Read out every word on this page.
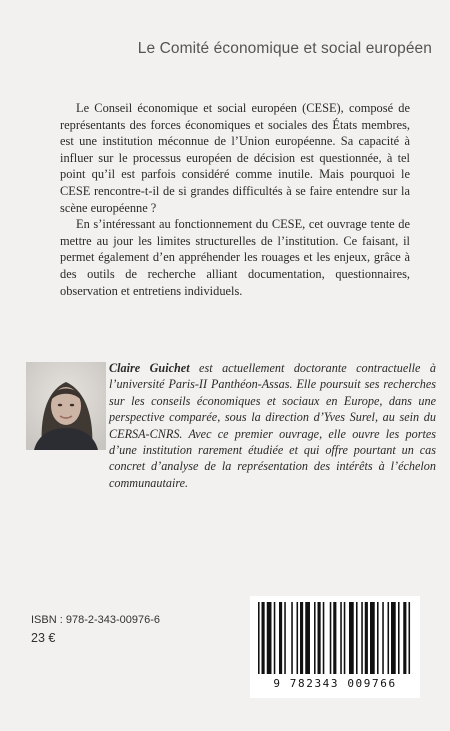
Le Comité économique et social européen

Le Conseil économique et social européen (CESE), composé de représentants des forces économiques et sociales des États membres, est une institution méconnue de l’Union européenne. Sa capacité à influer sur le processus européen de décision est questionnée, à tel point qu’il est parfois considéré comme inutile. Mais pourquoi le CESE rencontre-t-il de si grandes difficultés à se faire entendre sur la scène européenne ?

En s’intéressant au fonctionnement du CESE, cet ouvrage tente de mettre au jour les limites structurelles de l’institution. Ce faisant, il permet également d’en appréhender les rouages et les enjeux, grâce à des outils de recherche alliant documentation, questionnaires, observation et entretiens individuels.

Claire Guichet est actuellement doctorante contractuelle à l’université Paris-II Panthéon-Assas. Elle poursuit ses recherches sur les conseils économiques et sociaux en Europe, dans une perspective comparée, sous la direction d’Yves Surel, au sein du CERSA-CNRS. Avec ce premier ouvrage, elle ouvre les portes d’une institution rarement étudiée et qui offre pourtant un cas concret d’analyse de la représentation des intérêts à l’échelon communautaire.
ISBN : 978-2-343-00976-6
23 €
9 782343 009766
